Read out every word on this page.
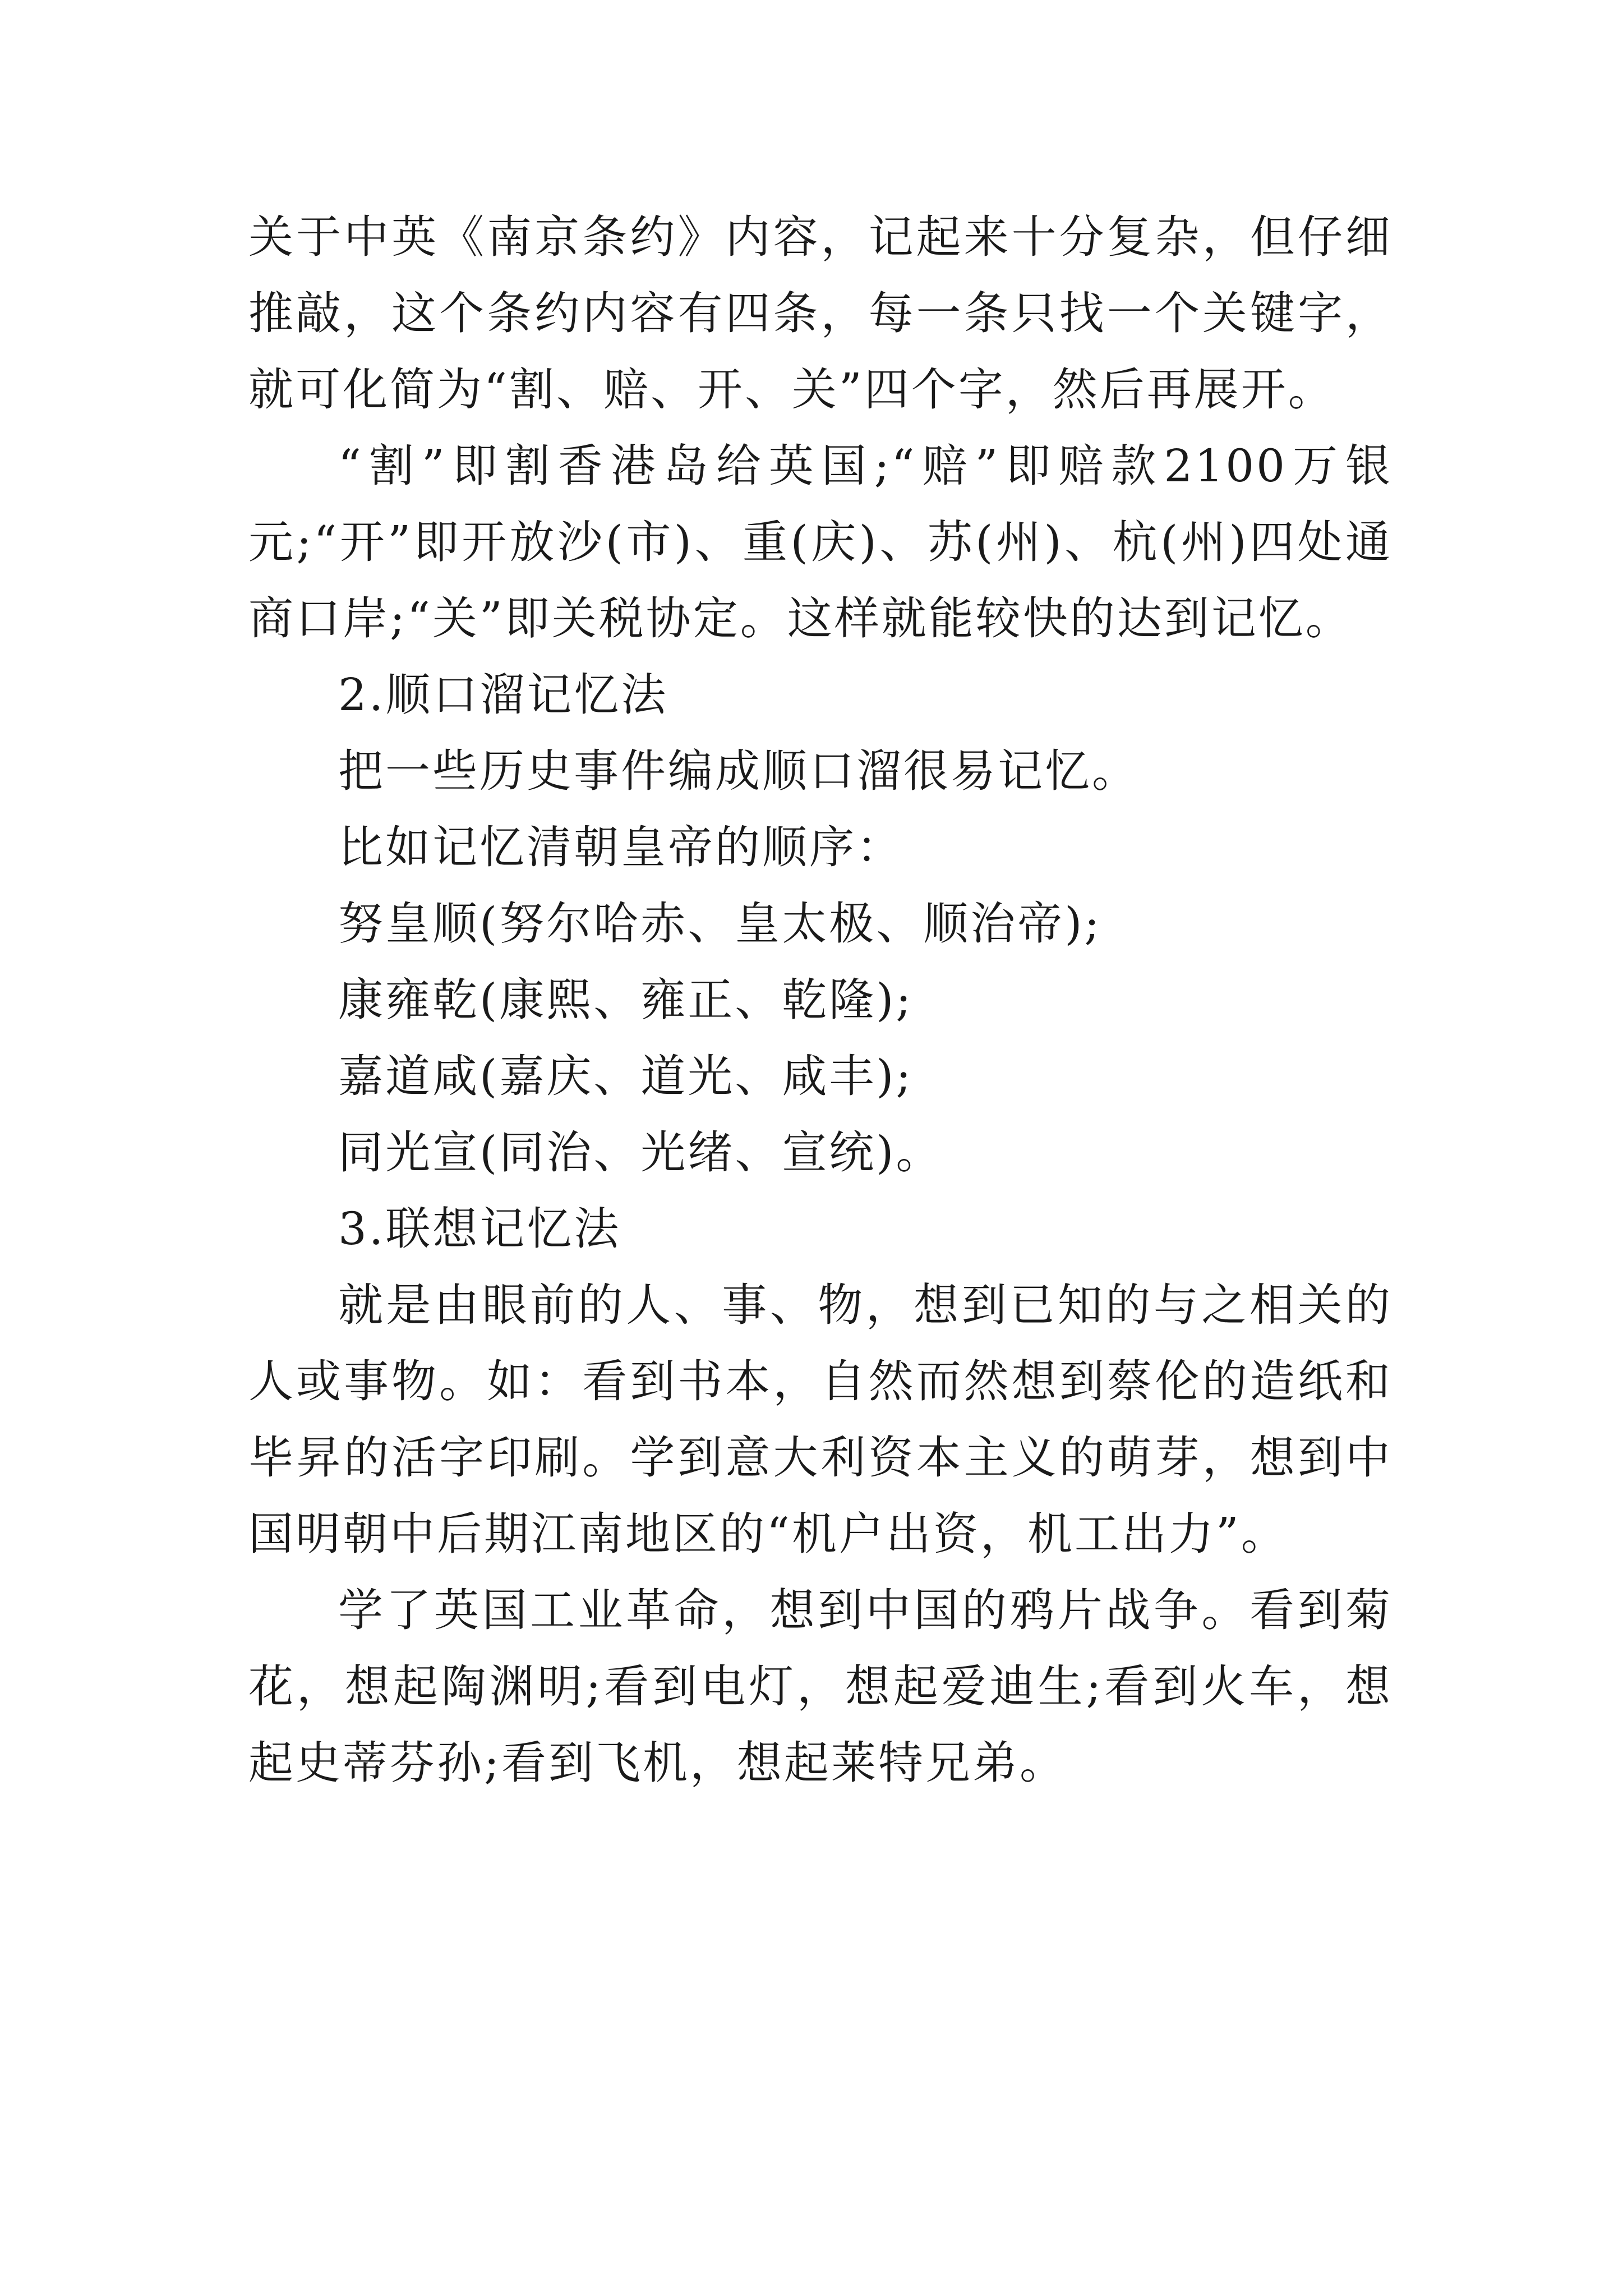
关于中英《南京条约》内容，记起来十分复杂，但仔细推敲，这个条约内容有四条，每一条只找一个关键字，就可化简为“割、赔、开、关”四个字，然后再展开。

“割”即割香港岛给英国;“赔”即赔款2100万银元;“开”即开放沙(市)、重(庆)、苏(州)、杭(州)四处通商口岸;“关”即关税协定。这样就能较快的达到记忆。

2.顺口溜记忆法

把一些历史事件编成顺口溜很易记忆。

比如记忆清朝皇帝的顺序：

努皇顺(努尔哈赤、皇太极、顺治帝);

康雍乾(康熙、雍正、乾隆);

嘉道咸(嘉庆、道光、咸丰);

同光宣(同治、光绪、宣统)。

3.联想记忆法

就是由眼前的人、事、物，想到已知的与之相关的人或事物。如：看到书本，自然而然想到蔡伦的造纸和毕昇的活字印刷。学到意大利资本主义的萌芽，想到中国明朝中后期江南地区的“机户出资，机工出力”。

学了英国工业革命，想到中国的鸦片战争。看到菊花，想起陶渊明;看到电灯，想起爱迪生;看到火车，想起史蒂芬孙;看到飞机，想起莱特兄弟。
